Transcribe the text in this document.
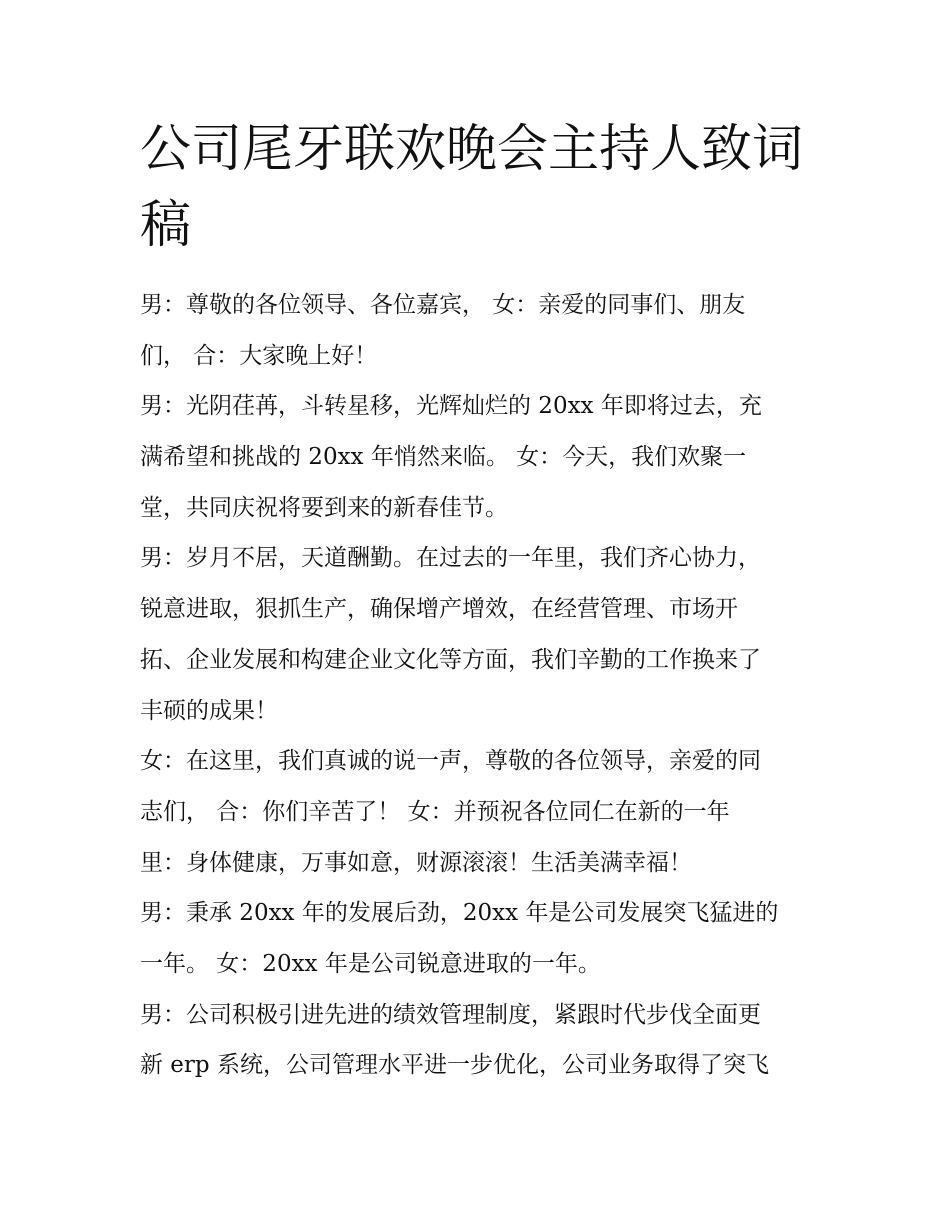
公司尾牙联欢晚会主持人致词
稿
男：尊敬的各位领导、各位嘉宾， 女：亲爱的同事们、朋友
们， 合：大家晚上好！
男：光阴荏苒，斗转星移，光辉灿烂的 20xx 年即将过去，充
满希望和挑战的 20xx 年悄然来临。 女：今天，我们欢聚一
堂，共同庆祝将要到来的新春佳节。
男：岁月不居，天道酬勤。在过去的一年里，我们齐心协力，
锐意进取，狠抓生产，确保增产增效，在经营管理、市场开
拓、企业发展和构建企业文化等方面，我们辛勤的工作换来了
丰硕的成果！
女：在这里，我们真诚的说一声，尊敬的各位领导，亲爱的同
志们， 合：你们辛苦了！ 女：并预祝各位同仁在新的一年
里：身体健康，万事如意，财源滚滚！生活美满幸福！
男：秉承 20xx 年的发展后劲，20xx 年是公司发展突飞猛进的
一年。 女：20xx 年是公司锐意进取的一年。
男：公司积极引进先进的绩效管理制度，紧跟时代步伐全面更
新 erp 系统，公司管理水平进一步优化，公司业务取得了突飞
